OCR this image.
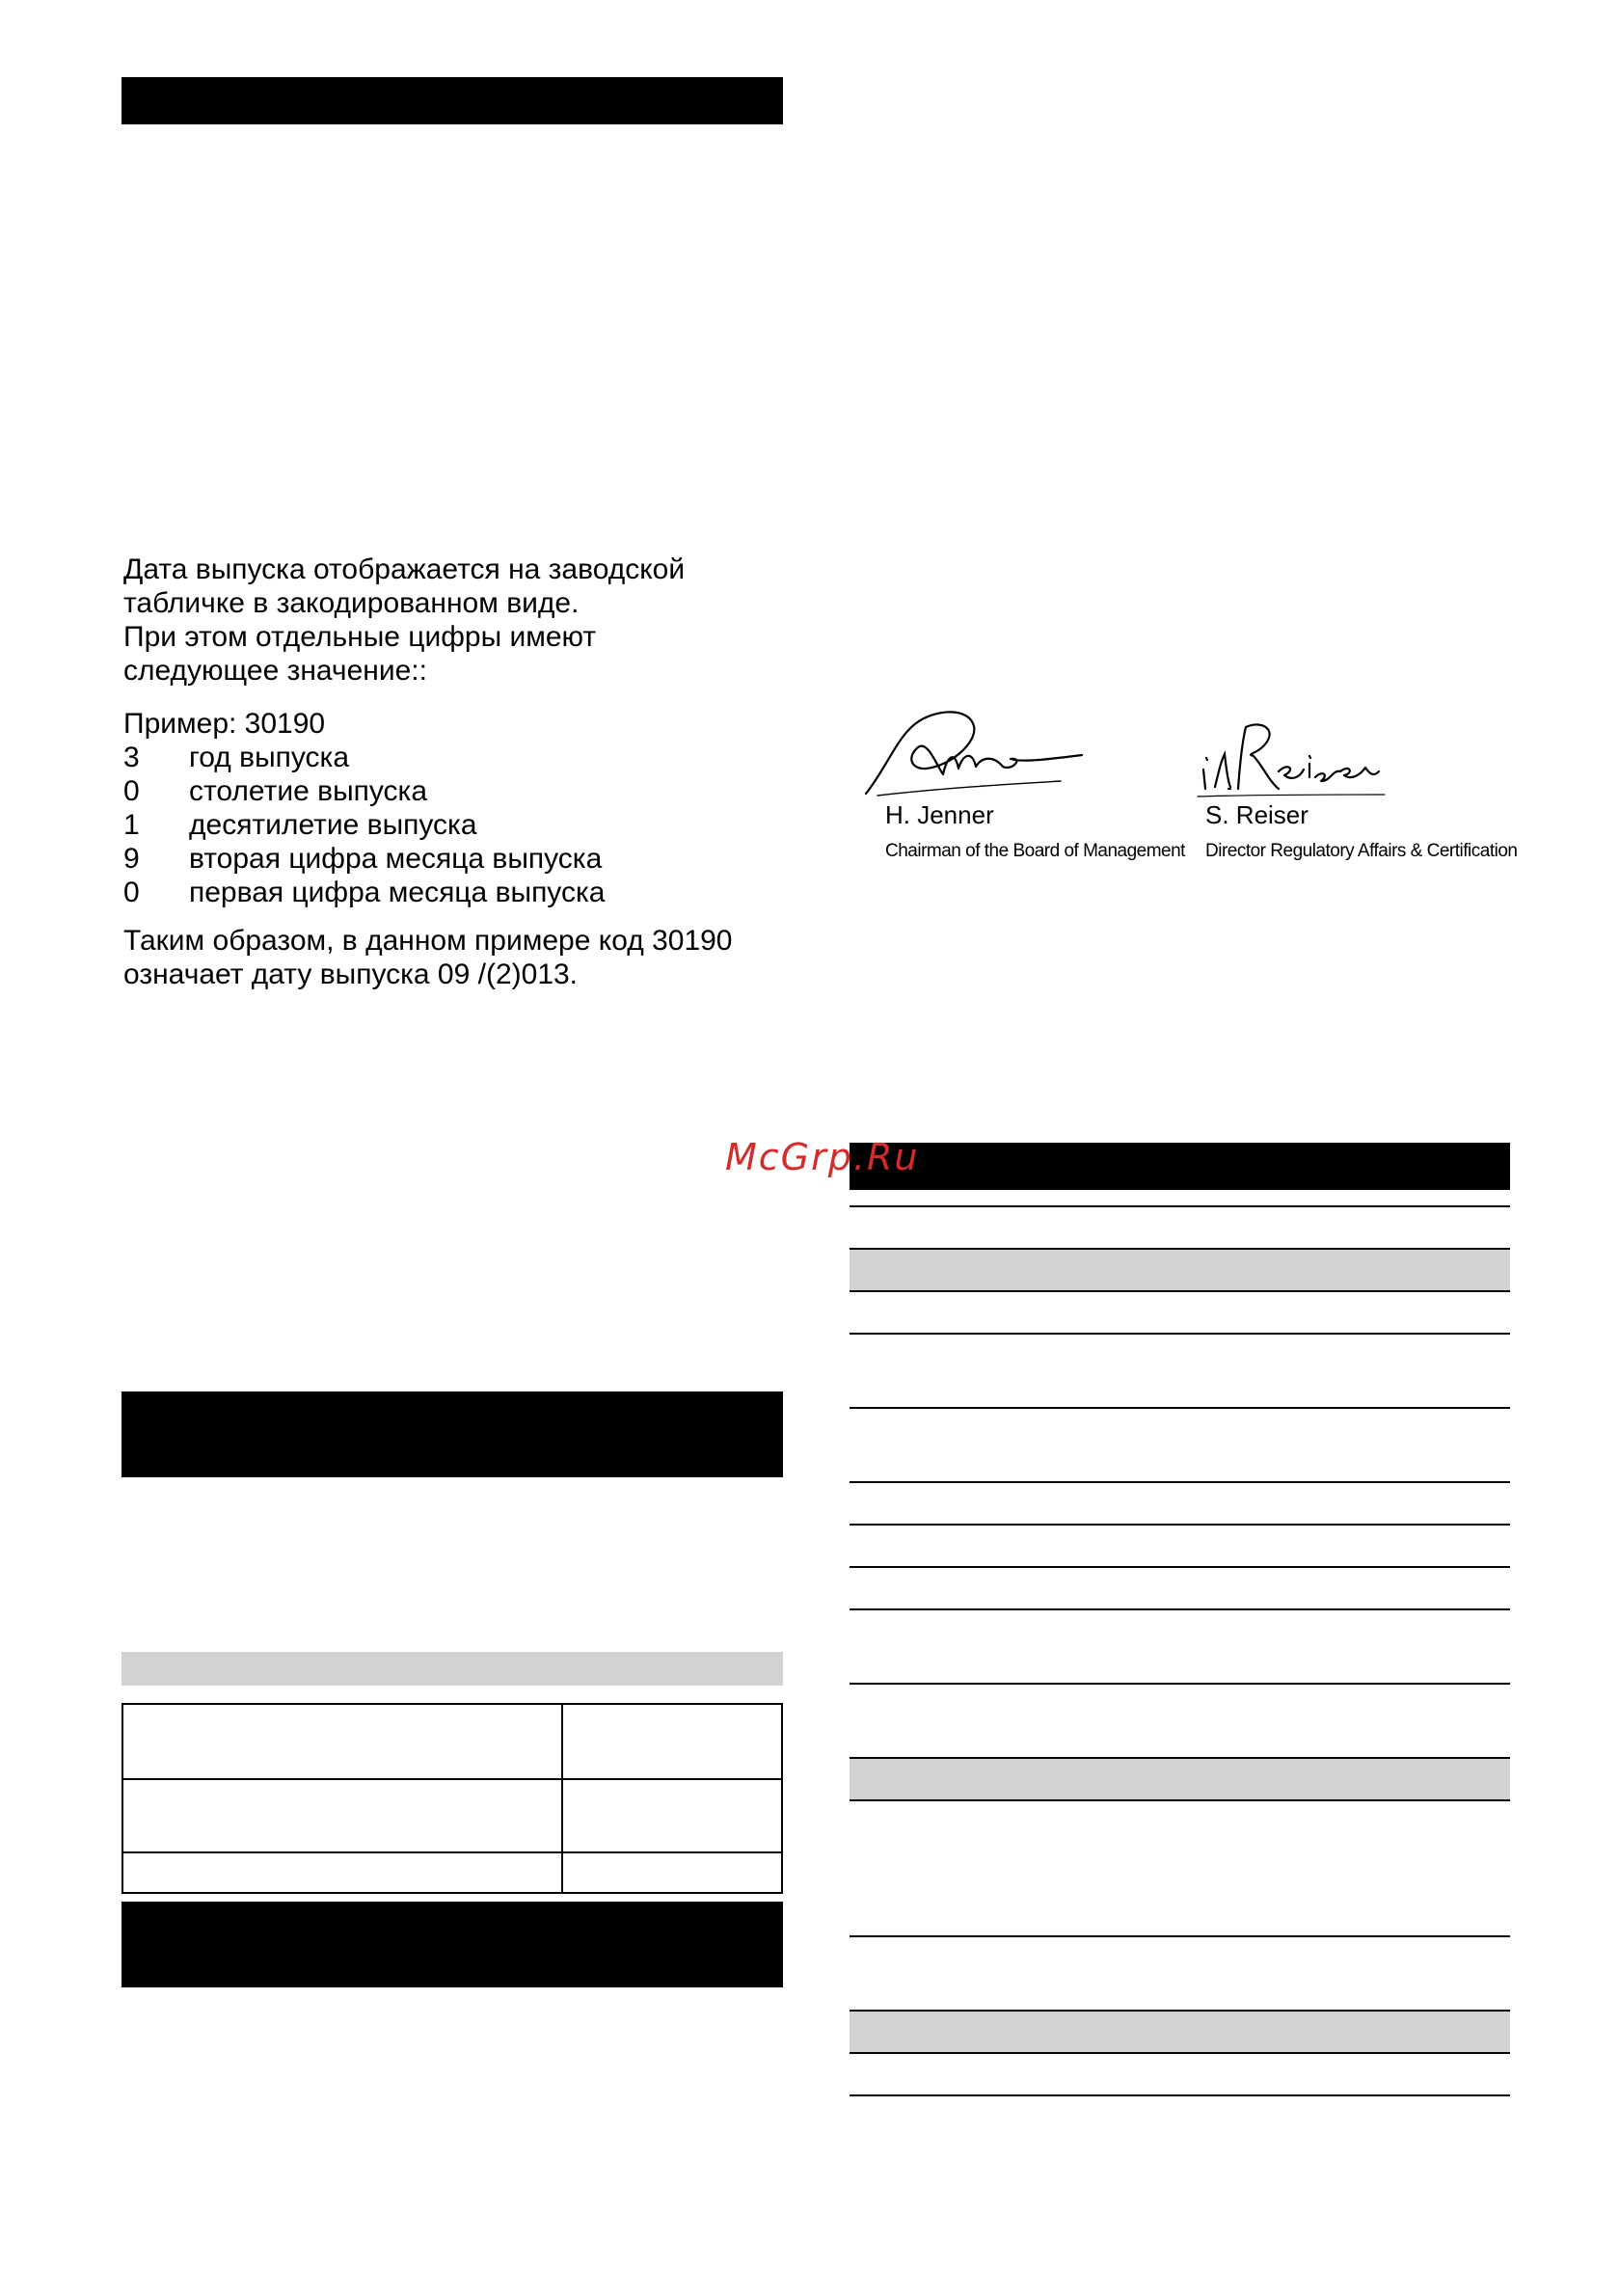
Дата выпуска отображается на заводской
табличке в закодированном виде.
При этом отдельные цифры имеют
следующее значение::
Пример: 30190
3 год выпуска
0 столетие выпуска
1 десятилетие выпуска
9 вторая цифра месяца выпуска
0 первая цифра месяца выпуска
Таким образом, в данном примере код 30190
означает дату выпуска 09 /(2)013.
H. Jenner
Chairman of the Board of Management
S. Reiser
Director Regulatory Affairs & Certification
McGrp.Ru
